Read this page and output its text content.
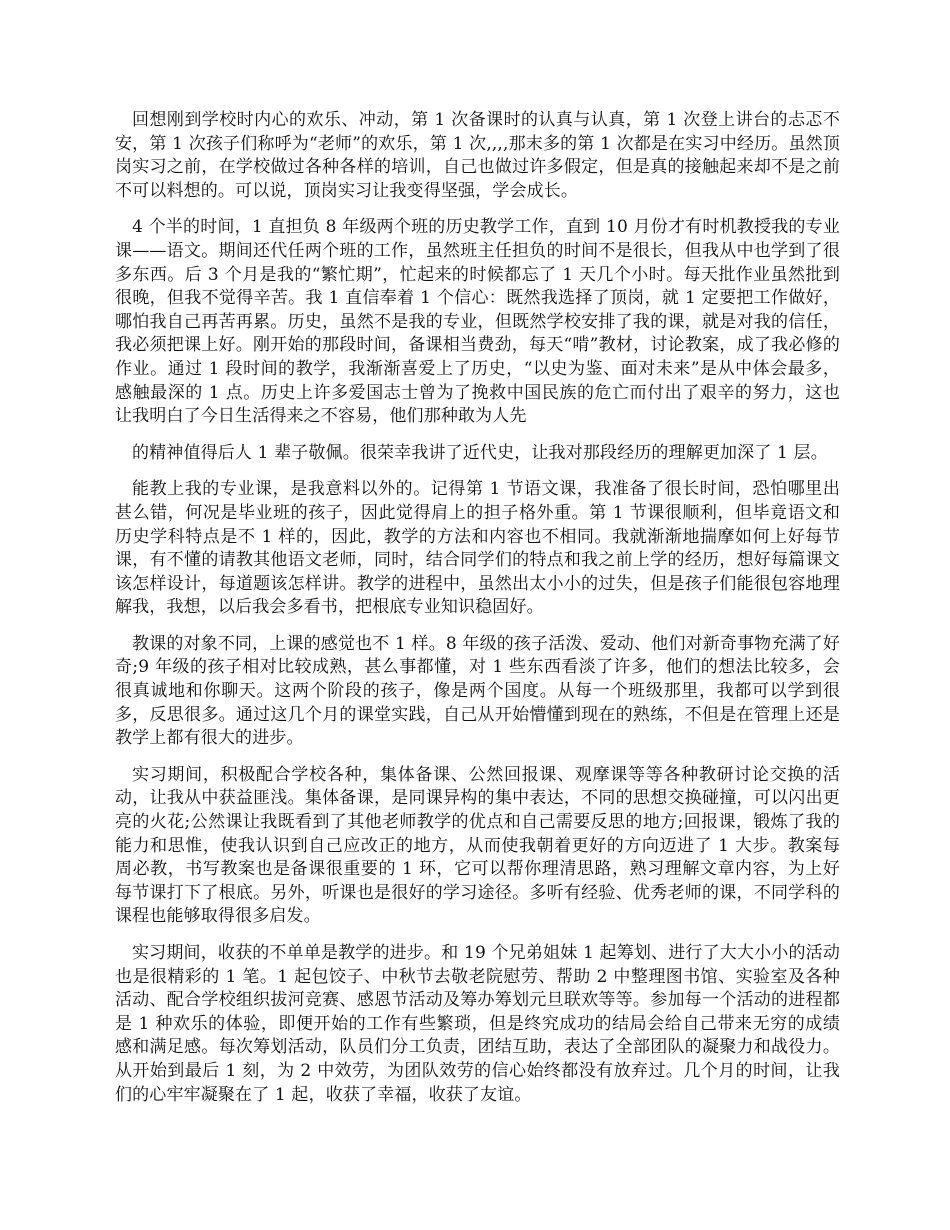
回想刚到学校时内心的欢乐、冲动，第 1 次备课时的认真与认真，第 1 次登上讲台的忐忑不安，第 1 次孩子们称呼为“老师”的欢乐，第 1 次,,,,那末多的第 1 次都是在实习中经历。虽然顶岗实习之前，在学校做过各种各样的培训，自己也做过许多假定，但是真的接触起来却不是之前不可以料想的。可以说，顶岗实习让我变得坚强，学会成长。

4 个半的时间，1 直担负 8 年级两个班的历史教学工作，直到 10 月份才有时机教授我的专业课——语文。期间还代任两个班的工作，虽然班主任担负的时间不是很长，但我从中也学到了很多东西。后 3 个月是我的“繁忙期”，忙起来的时候都忘了 1 天几个小时。每天批作业虽然批到很晚，但我不觉得辛苦。我 1 直信奉着 1 个信心：既然我选择了顶岗，就 1 定要把工作做好，哪怕我自己再苦再累。历史，虽然不是我的专业，但既然学校安排了我的课，就是对我的信任，我必须把课上好。刚开始的那段时间，备课相当费劲，每天“啃”教材，讨论教案，成了我必修的作业。通过 1 段时间的教学，我渐渐喜爱上了历史，“以史为鉴、面对未来”是从中体会最多，感触最深的 1 点。历史上许多爱国志士曾为了挽救中国民族的危亡而付出了艰辛的努力，这也让我明白了今日生活得来之不容易，他们那种敢为人先

的精神值得后人 1 辈子敬佩。很荣幸我讲了近代史，让我对那段经历的理解更加深了 1 层。

能教上我的专业课，是我意料以外的。记得第 1 节语文课，我准备了很长时间，恐怕哪里出甚么错，何况是毕业班的孩子，因此觉得肩上的担子格外重。第 1 节课很顺利，但毕竟语文和历史学科特点是不 1 样的，因此，教学的方法和内容也不相同。我就渐渐地揣摩如何上好每节课，有不懂的请教其他语文老师，同时，结合同学们的特点和我之前上学的经历，想好每篇课文该怎样设计，每道题该怎样讲。教学的进程中，虽然出太小小的过失，但是孩子们能很包容地理解我，我想，以后我会多看书，把根底专业知识稳固好。

教课的对象不同，上课的感觉也不 1 样。8 年级的孩子活泼、爱动、他们对新奇事物充满了好奇;9 年级的孩子相对比较成熟，甚么事都懂，对 1 些东西看淡了许多，他们的想法比较多，会很真诚地和你聊天。这两个阶段的孩子，像是两个国度。从每一个班级那里，我都可以学到很多，反思很多。通过这几个月的课堂实践，自己从开始懵懂到现在的熟练，不但是在管理上还是教学上都有很大的进步。

实习期间，积极配合学校各种，集体备课、公然回报课、观摩课等等各种教研讨论交换的活动，让我从中获益匪浅。集体备课，是同课异构的集中表达，不同的思想交换碰撞，可以闪出更亮的火花;公然课让我既看到了其他老师教学的优点和自己需要反思的地方;回报课，锻炼了我的能力和思惟，使我认识到自己应改正的地方，从而使我朝着更好的方向迈进了 1 大步。教案每周必教，书写教案也是备课很重要的 1 环，它可以帮你理清思路，熟习理解文章内容，为上好每节课打下了根底。另外，听课也是很好的学习途径。多听有经验、优秀老师的课，不同学科的课程也能够取得很多启发。

实习期间，收获的不单单是教学的进步。和 19 个兄弟姐妹 1 起筹划、进行了大大小小的活动也是很精彩的 1 笔。1 起包饺子、中秋节去敬老院慰劳、帮助 2 中整理图书馆、实验室及各种活动、配合学校组织拔河竞赛、感恩节活动及筹办筹划元旦联欢等等。参加每一个活动的进程都是 1 种欢乐的体验，即便开始的工作有些繁琐，但是终究成功的结局会给自己带来无穷的成绩感和满足感。每次筹划活动，队员们分工负责，团结互助，表达了全部团队的凝聚力和战役力。从开始到最后 1 刻，为 2 中效劳，为团队效劳的信心始终都没有放弃过。几个月的时间，让我们的心牢牢凝聚在了 1 起，收获了幸福，收获了友谊。
